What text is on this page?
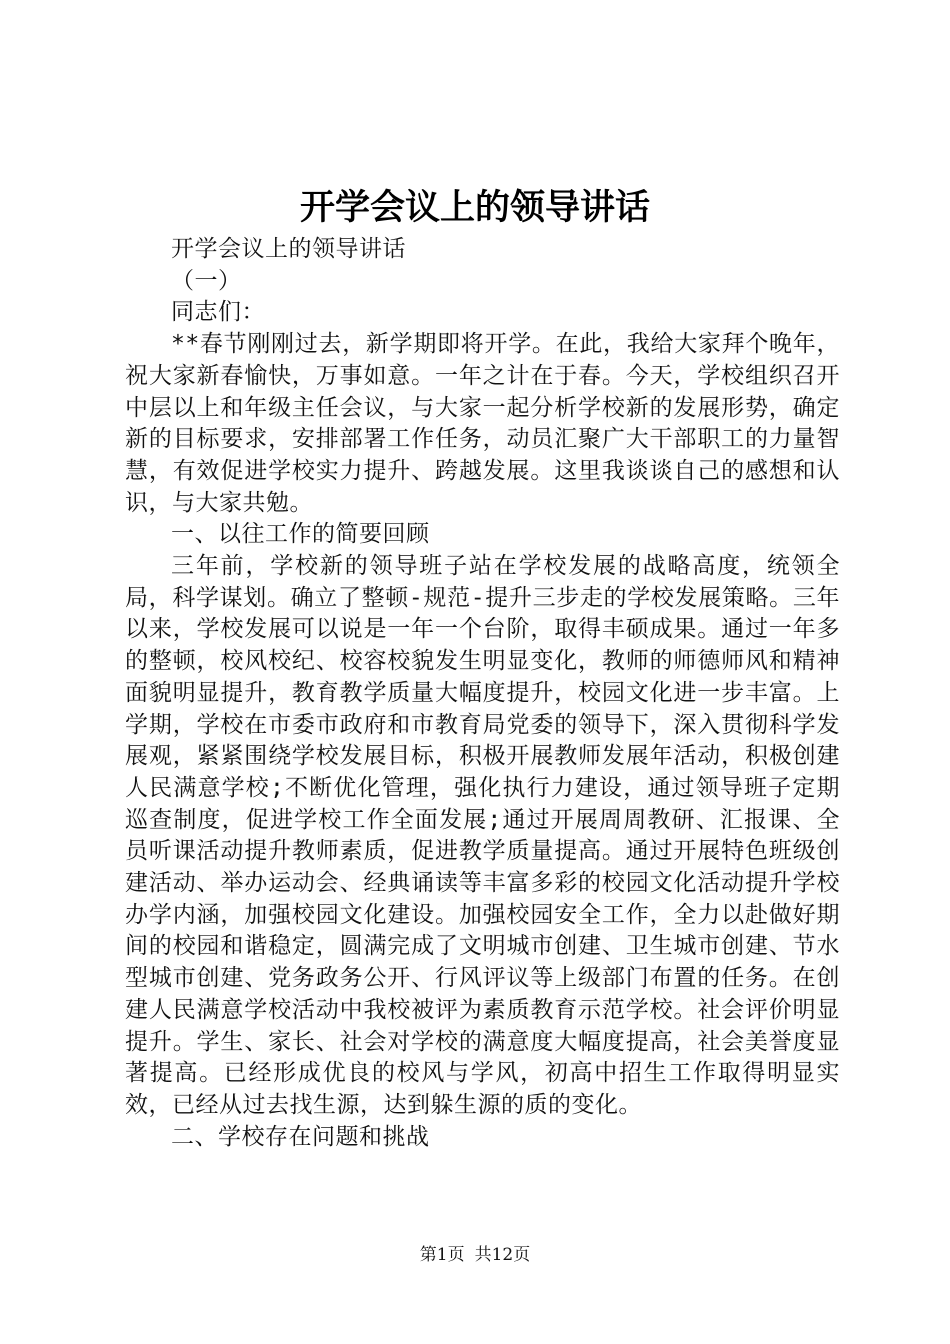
开学会议上的领导讲话

开学会议上的领导讲话

（一）

同志们：

**春节刚刚过去，新学期即将开学。在此，我给大家拜个晚年，祝大家新春愉快，万事如意。一年之计在于春。今天，学校组织召开中层以上和年级主任会议，与大家一起分析学校新的发展形势，确定新的目标要求，安排部署工作任务，动员汇聚广大干部职工的力量智慧，有效促进学校实力提升、跨越发展。这里我谈谈自己的感想和认识，与大家共勉。

一、以往工作的简要回顾

三年前，学校新的领导班子站在学校发展的战略高度，统领全局，科学谋划。确立了整顿-规范-提升三步走的学校发展策略。三年以来，学校发展可以说是一年一个台阶，取得丰硕成果。通过一年多的整顿，校风校纪、校容校貌发生明显变化，教师的师德师风和精神面貌明显提升，教育教学质量大幅度提升，校园文化进一步丰富。上学期，学校在市委市政府和市教育局党委的领导下，深入贯彻科学发展观，紧紧围绕学校发展目标，积极开展教师发展年活动，积极创建人民满意学校;不断优化管理，强化执行力建设，通过领导班子定期巡查制度，促进学校工作全面发展;通过开展周周教研、汇报课、全员听课活动提升教师素质，促进教学质量提高。通过开展特色班级创建活动、举办运动会、经典诵读等丰富多彩的校园文化活动提升学校办学内涵，加强校园文化建设。加强校园安全工作，全力以赴做好期间的校园和谐稳定，圆满完成了文明城市创建、卫生城市创建、节水型城市创建、党务政务公开、行风评议等上级部门布置的任务。在创建人民满意学校活动中我校被评为素质教育示范学校。社会评价明显提升。学生、家长、社会对学校的满意度大幅度提高，社会美誉度显著提高。已经形成优良的校风与学风，初高中招生工作取得明显实效，已经从过去找生源，达到躲生源的质的变化。

二、学校存在问题和挑战

第1页 共12页
